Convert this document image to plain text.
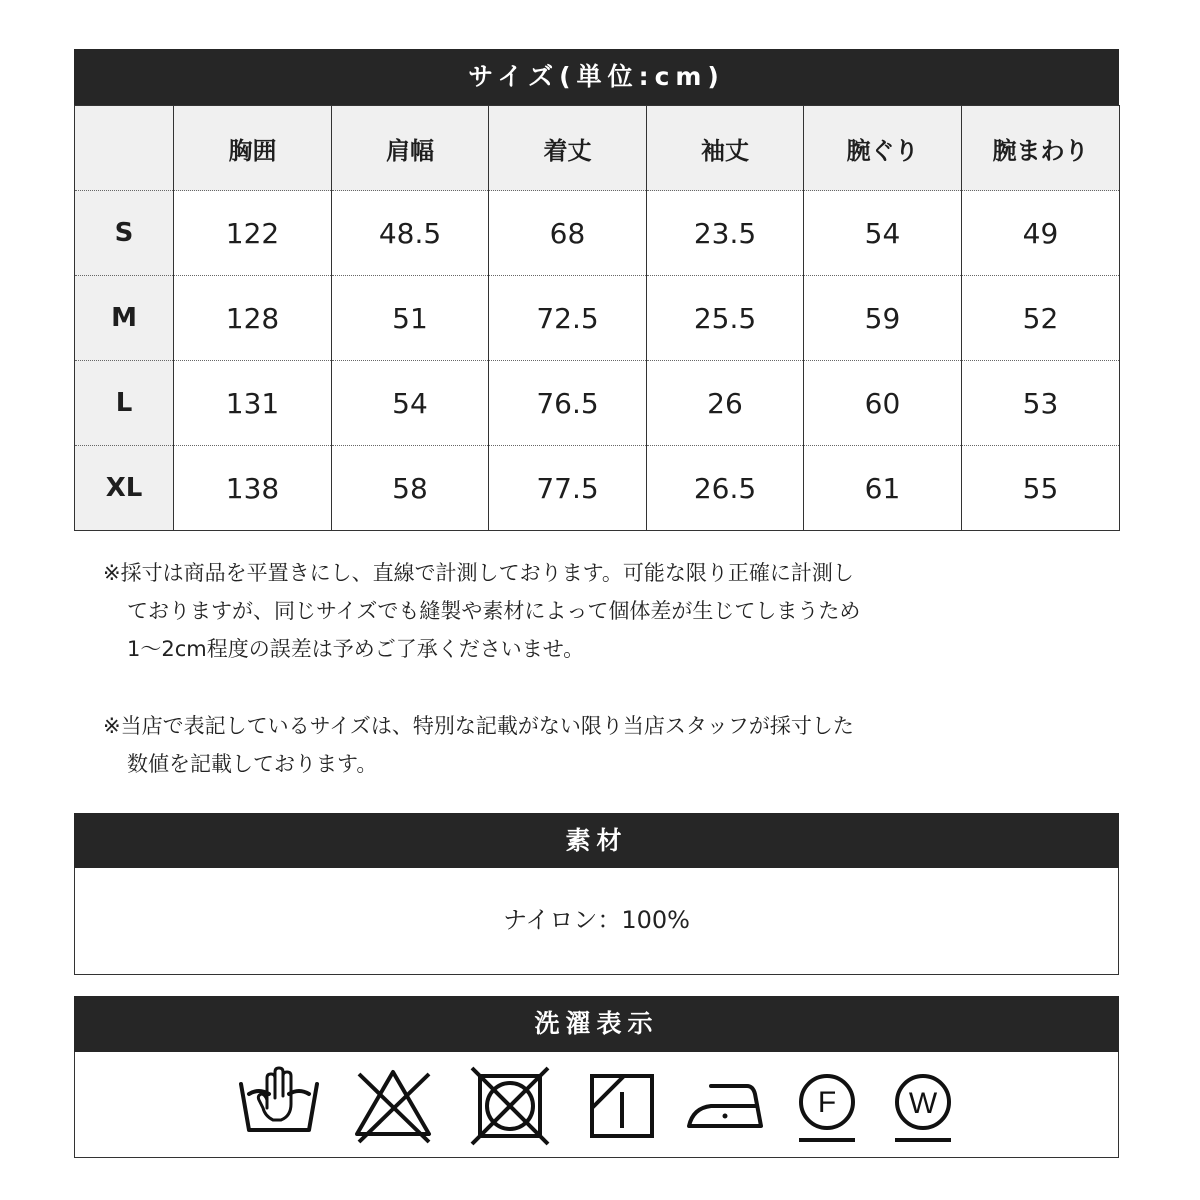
サイズ(単位:cm)
	胸囲	肩幅	着丈	袖丈	腕ぐり	腕まわり
S	122	48.5	68	23.5	54	49
M	128	51	72.5	25.5	59	52
L	131	54	76.5	26	60	53
XL	138	58	77.5	26.5	61	55
※採寸は商品を平置きにし、直線で計測しております。可能な限り正確に計測し
ておりますが、同じサイズでも縫製や素材によって個体差が生じてしまうため
1～2cm程度の誤差は予めご了承くださいませ。
※当店で表記しているサイズは、特別な記載がない限り当店スタッフが採寸した
数値を記載しております。
素材
ナイロン：100%
洗濯表示
F W
